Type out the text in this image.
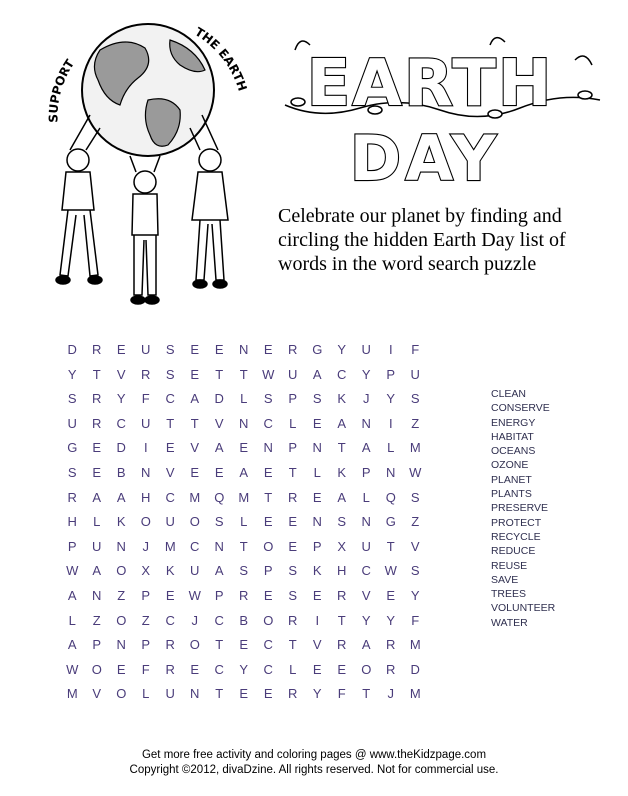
SUPPORT
THE EARTH EARTH
DAY
Celebrate our planet by finding and circling the hidden Earth Day list of words in the word search puzzle
D	R	E	U	S	E	E	N	E	R	G	Y	U	I	F
Y	T	V	R	S	E	T	T	W	U	A	C	Y	P	U
S	R	Y	F	C	A	D	L	S	P	S	K	J	Y	S
U	R	C	U	T	T	V	N	C	L	E	A	N	I	Z
G	E	D	I	E	V	A	E	N	P	N	T	A	L	M
S	E	B	N	V	E	E	A	E	T	L	K	P	N	W
R	A	A	H	C	M	Q	M	T	R	E	A	L	Q	S
H	L	K	O	U	O	S	L	E	E	N	S	N	G	Z
P	U	N	J	M	C	N	T	O	E	P	X	U	T	V
W	A	O	X	K	U	A	S	P	S	K	H	C	W	S
A	N	Z	P	E	W	P	R	E	S	E	R	V	E	Y
L	Z	O	Z	C	J	C	B	O	R	I	T	Y	Y	F
A	P	N	P	R	O	T	E	C	T	V	R	A	R	M
W	O	E	F	R	E	C	Y	C	L	E	E	O	R	D
M	V	O	L	U	N	T	E	E	R	Y	F	T	J	M
CLEAN
CONSERVE
ENERGY
HABITAT
OCEANS
OZONE
PLANET
PLANTS
PRESERVE
PROTECT
RECYCLE
REDUCE
REUSE
SAVE
TREES
VOLUNTEER
WATER
Get more free activity and coloring pages @ www.theKidzpage.com
Copyright ©2012, divaDzine. All rights reserved. Not for commercial use.
